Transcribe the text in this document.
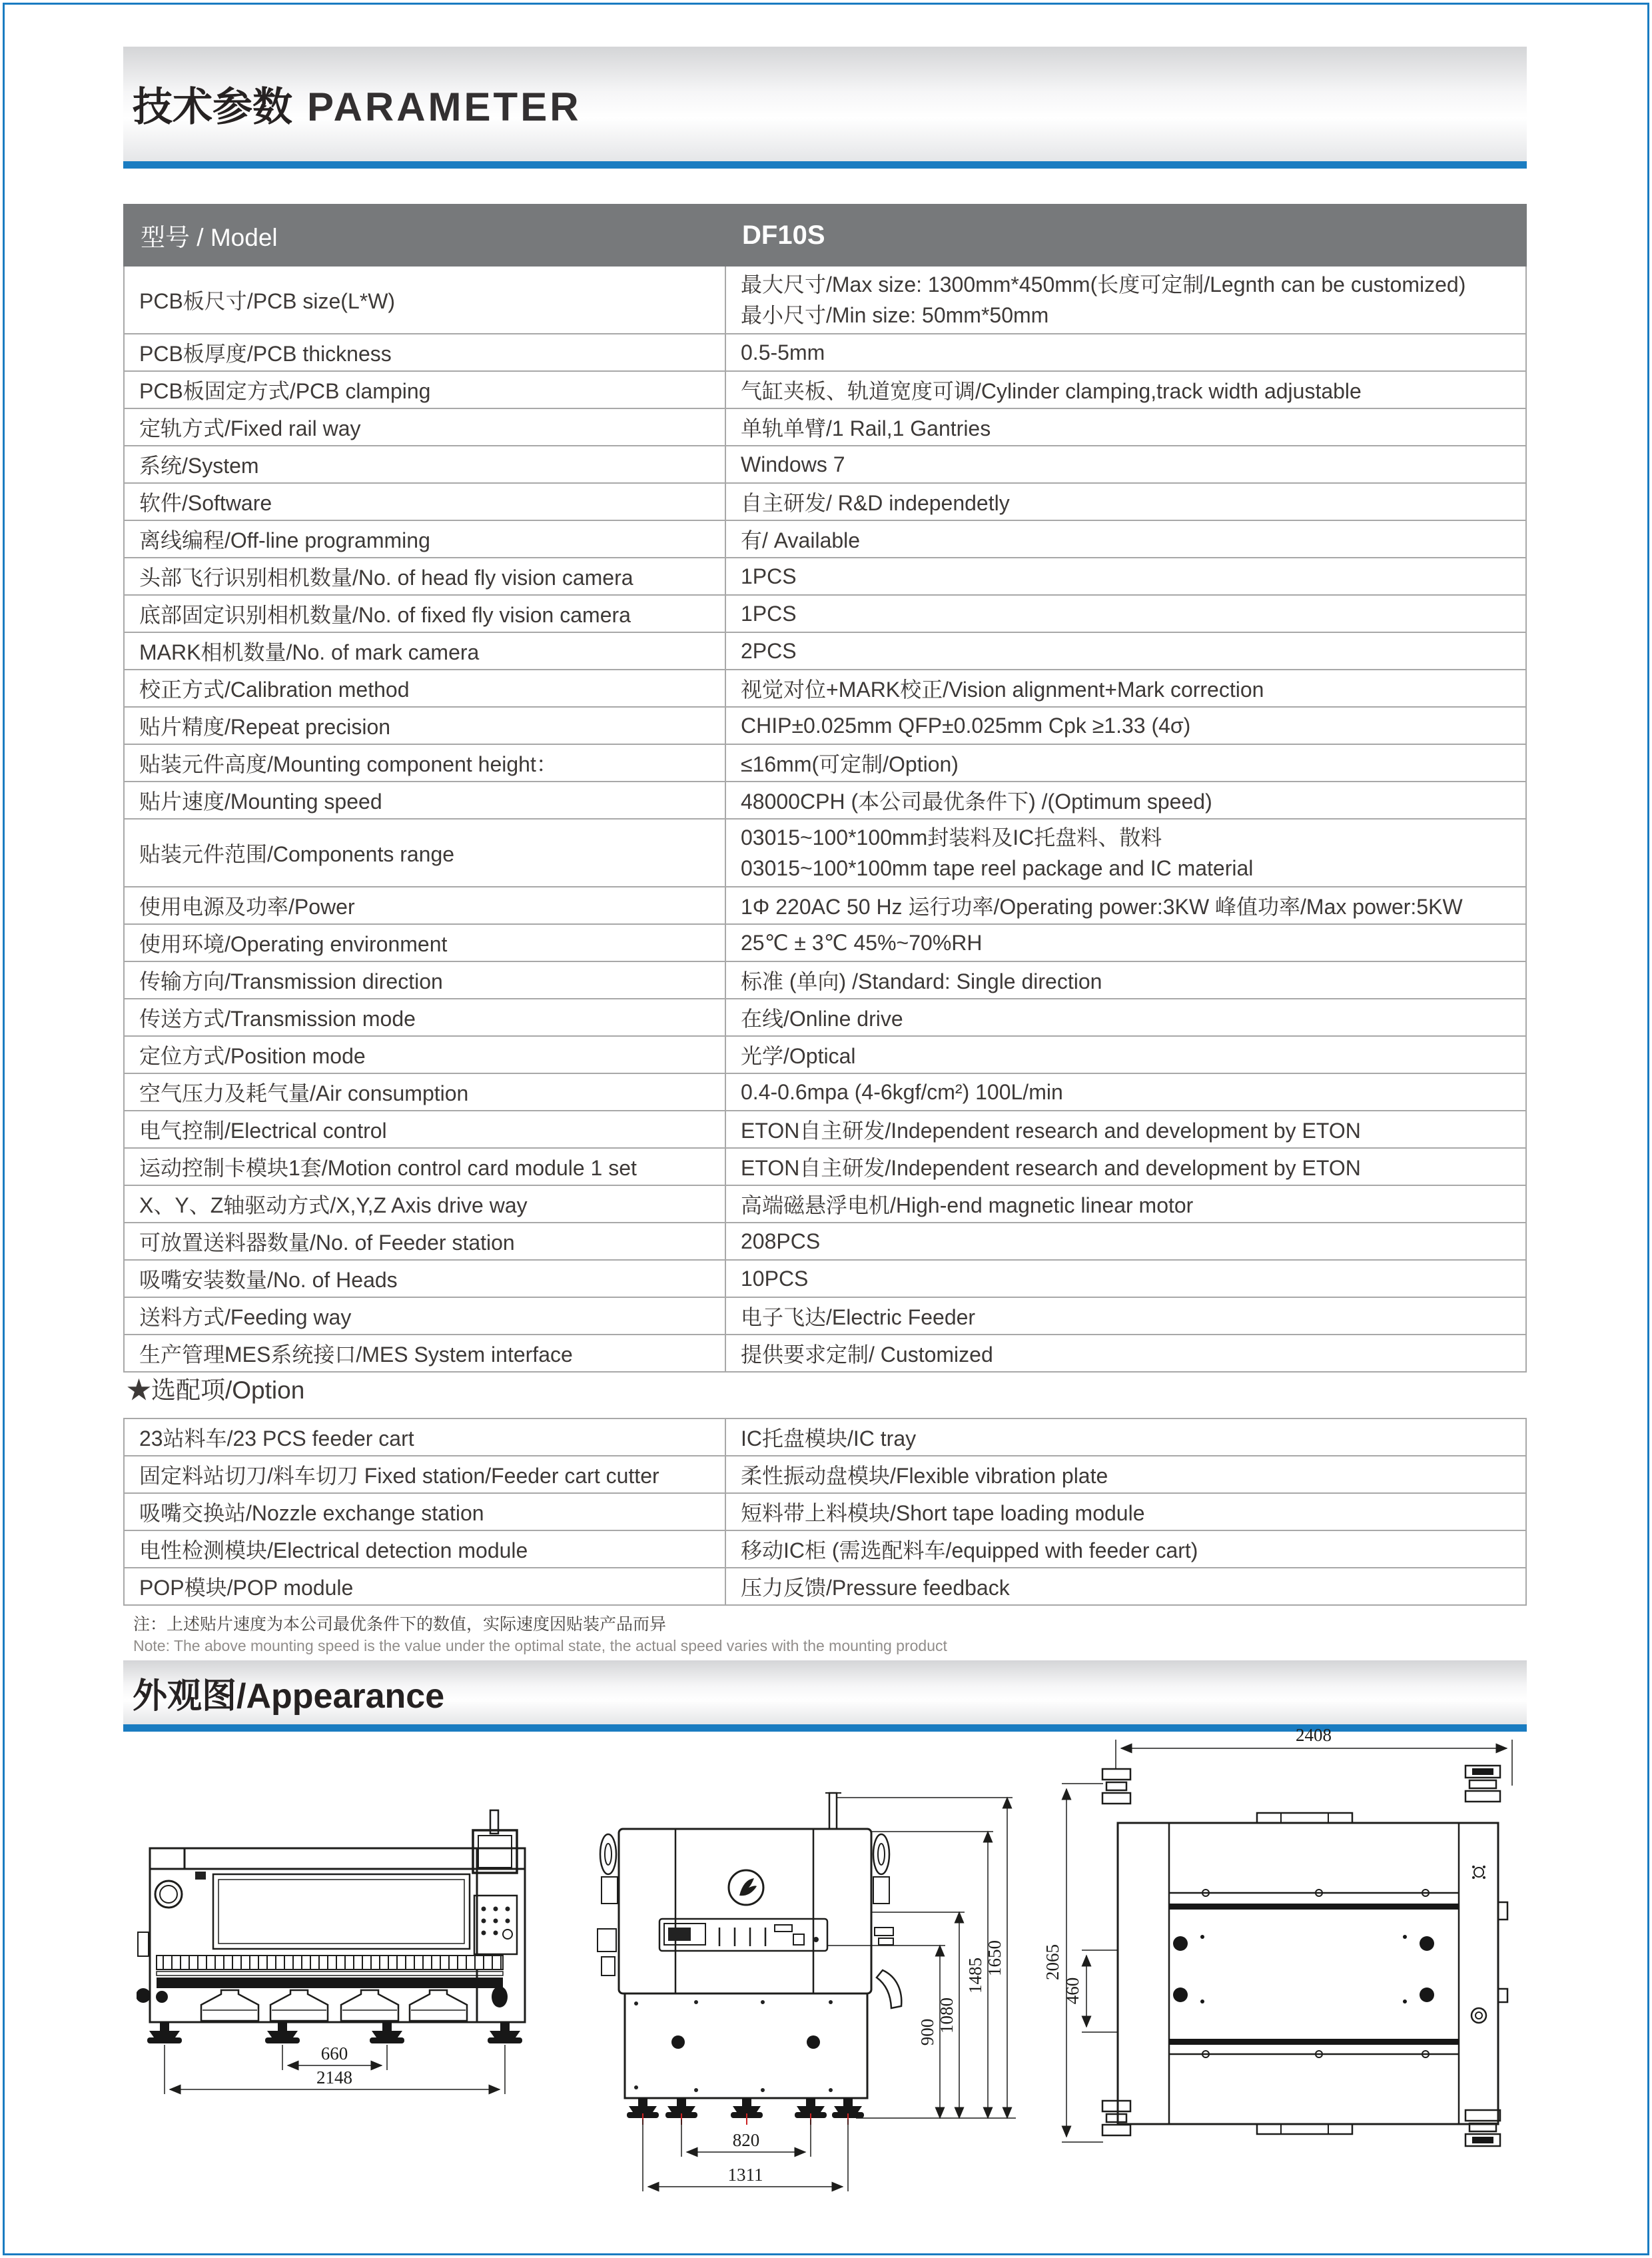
技术参数 PARAMETER
型号 / Model	DF10S
PCB板尺寸/PCB size(L*W)	最大尺寸/Max size: 1300mm*450mm(长度可定制/Legnth can be customized)
最小尺寸/Min size: 50mm*50mm

PCB板厚度/PCB thickness	0.5-5mm
PCB板固定方式/PCB clamping	气缸夹板、轨道宽度可调/Cylinder clamping,track width adjustable
定轨方式/Fixed rail way	单轨单臂/1 Rail,1 Gantries
系统/System	Windows 7
软件/Software	自主研发/ R&D independetly
离线编程/Off-line programming	有/ Available
头部飞行识别相机数量/No. of head fly vision camera	1PCS
底部固定识别相机数量/No. of fixed fly vision camera	1PCS
MARK相机数量/No. of mark camera	2PCS
校正方式/Calibration method	视觉对位+MARK校正/Vision alignment+Mark correction
贴片精度/Repeat precision	CHIP±0.025mm QFP±0.025mm Cpk ≥1.33 (4σ)
贴装元件高度/Mounting component height：	≤16mm(可定制/Option)
贴片速度/Mounting speed	48000CPH (本公司最优条件下) /(Optimum speed)
贴装元件范围/Components range	03015~100*100mm封装料及IC托盘料、散料
03015~100*100mm tape reel package and IC material

使用电源及功率/Power	1Φ 220AC 50 Hz 运行功率/Operating power:3KW 峰值功率/Max power:5KW
使用环境/Operating environment	25℃ ± 3℃ 45%~70%RH
传输方向/Transmission direction	标准 (单向) /Standard: Single direction
传送方式/Transmission mode	在线/Online drive
定位方式/Position mode	光学/Optical
空气压力及耗气量/Air consumption	0.4-0.6mpa (4-6kgf/cm²) 100L/min
电气控制/Electrical control	ETON自主研发/Independent research and development by ETON
运动控制卡模块1套/Motion control card module 1 set	ETON自主研发/Independent research and development by ETON
X、Y、Z轴驱动方式/X,Y,Z Axis drive way	高端磁悬浮电机/High-end magnetic linear motor
可放置送料器数量/No. of Feeder station	208PCS
吸嘴安装数量/No. of Heads	10PCS
送料方式/Feeding way	电子飞达/Electric Feeder
生产管理MES系统接口/MES System interface	提供要求定制/ Customized
★选配项/Option
23站料车/23 PCS feeder cart	IC托盘模块/IC tray
固定料站切刀/料车切刀 Fixed station/Feeder cart cutter	柔性振动盘模块/Flexible vibration plate
吸嘴交换站/Nozzle exchange station	短料带上料模块/Short tape loading module
电性检测模块/Electrical detection module	移动IC柜 (需选配料车/equipped with feeder cart)
POP模块/POP module	压力反馈/Pressure feedback
注：上述贴片速度为本公司最优条件下的数值，实际速度因贴装产品而异
Note: The above mounting speed is the value under the optimal state, the actual speed varies with the mounting product
外观图/Appearance
660
2148
900 1080
1485 1650
820
1311
2408
2065
460
